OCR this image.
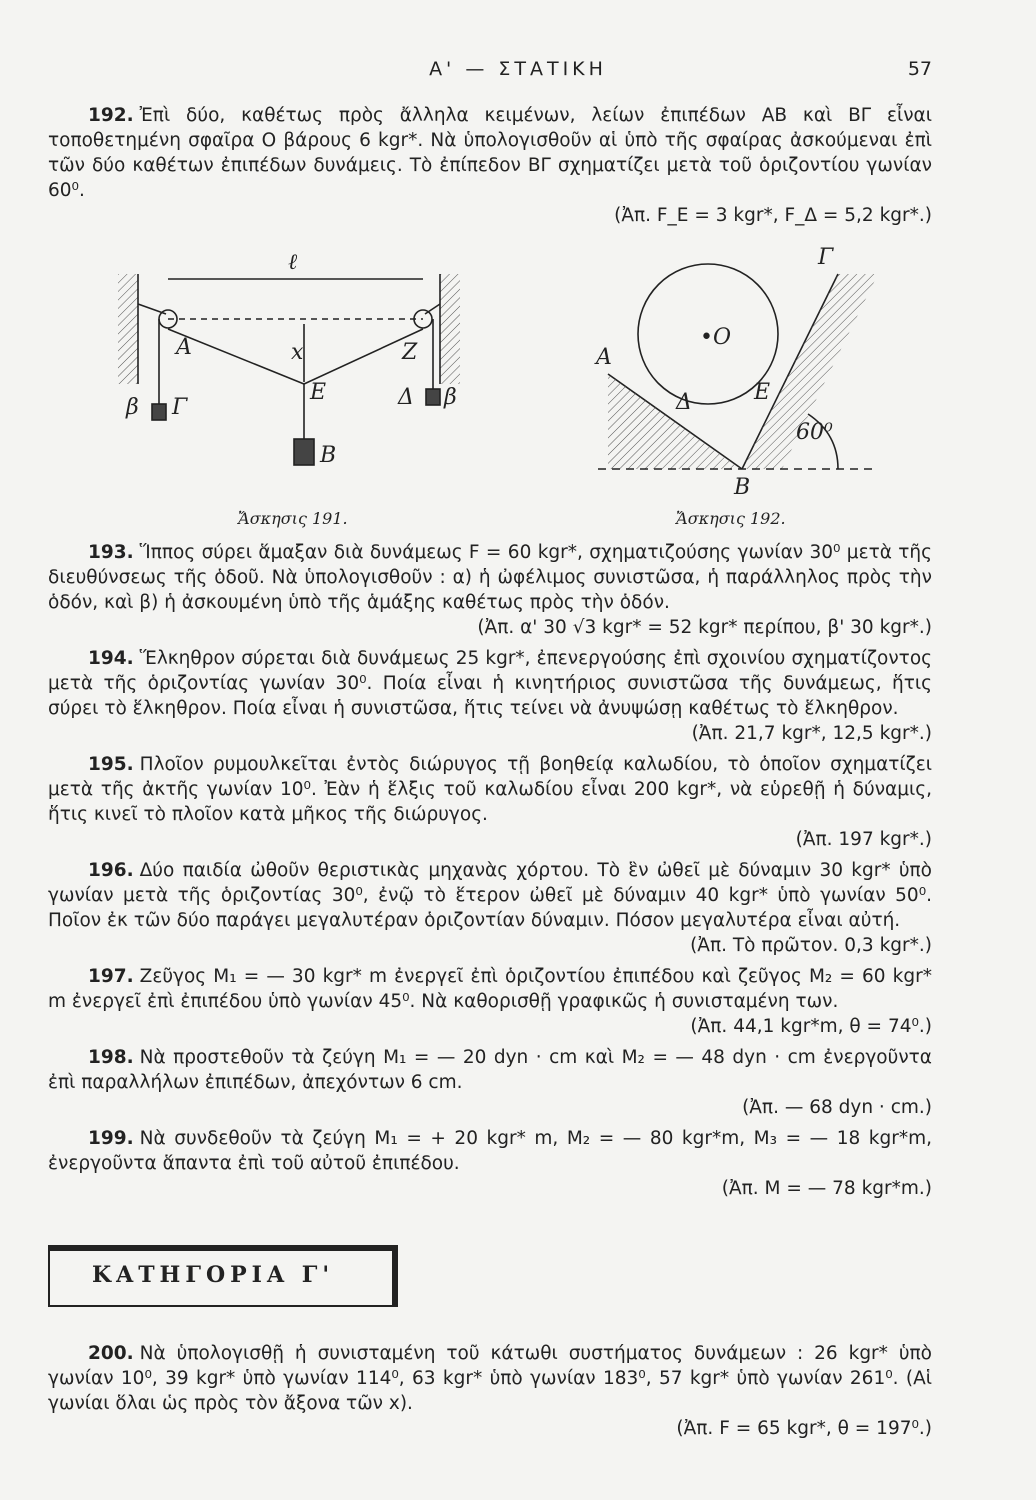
Α' — ΣΤΑΤΙΚΗ	57

192. Ἐπὶ δύο, καθέτως πρὸς ἄλληλα κειμένων, λείων ἐπιπέδων ΑΒ καὶ ΒΓ εἶναι τοποθετημένη σφαῖρα Ο βάρους 6 kgr*. Νὰ ὑπολογισθοῦν αἱ ὑπὸ τῆς σφαίρας ἀσκούμεναι ἐπὶ τῶν δύο καθέτων ἐπιπέδων δυνάμεις. Τὸ ἐπίπεδον ΒΓ σχηματίζει μετὰ τοῦ ὁριζοντίου γωνίαν 60⁰.
(Ἀπ. F_E = 3 kgr*, F_Δ = 5,2 kgr*.)

ℓ
A	x	Z
E
β Γ	Δ β
B
Γ
A
•O
Δ	E
60⁰
B
Ἄσκησις 191.	Ἄσκησις 192.

193. Ἵππος σύρει ἅμαξαν διὰ δυνάμεως F = 60 kgr*, σχηματιζούσης γωνίαν 30⁰ μετὰ τῆς διευθύνσεως τῆς ὁδοῦ. Νὰ ὑπολογισθοῦν : α) ἡ ὠφέλιμος συνιστῶσα, ἡ παράλληλος πρὸς τὴν ὁδόν, καὶ β) ἡ ἀσκουμένη ὑπὸ τῆς ἁμάξης καθέτως πρὸς τὴν ὁδόν.
(Ἀπ. α' 30 √3 kgr* = 52 kgr* περίπου, β' 30 kgr*.)

194. Ἕλκηθρον σύρεται διὰ δυνάμεως 25 kgr*, ἐπενεργούσης ἐπὶ σχοινίου σχηματίζοντος μετὰ τῆς ὁριζοντίας γωνίαν 30⁰. Ποία εἶναι ἡ κινητήριος συνιστῶσα τῆς δυνάμεως, ἥτις σύρει τὸ ἕλκηθρον. Ποία εἶναι ἡ συνιστῶσα, ἥτις τείνει νὰ ἀνυψώσῃ καθέτως τὸ ἕλκηθρον.
(Ἀπ. 21,7 kgr*, 12,5 kgr*.)

195. Πλοῖον ρυμουλκεῖται ἐντὸς διώρυγος τῇ βοηθείᾳ καλωδίου, τὸ ὁποῖον σχηματίζει μετὰ τῆς ἀκτῆς γωνίαν 10⁰. Ἐὰν ἡ ἕλξις τοῦ καλωδίου εἶναι 200 kgr*, νὰ εὑρεθῇ ἡ δύναμις, ἥτις κινεῖ τὸ πλοῖον κατὰ μῆκος τῆς διώρυγος.
(Ἀπ. 197 kgr*.)

196. Δύο παιδία ὠθοῦν θεριστικὰς μηχανὰς χόρτου. Τὸ ἓν ὠθεῖ μὲ δύναμιν 30 kgr* ὑπὸ γωνίαν μετὰ τῆς ὁριζοντίας 30⁰, ἐνῷ τὸ ἕτερον ὠθεῖ μὲ δύναμιν 40 kgr* ὑπὸ γωνίαν 50⁰. Ποῖον ἐκ τῶν δύο παράγει μεγαλυτέραν ὁριζοντίαν δύναμιν. Πόσον μεγαλυτέρα εἶναι αὐτή.
(Ἀπ. Τὸ πρῶτον. 0,3 kgr*.)

197. Ζεῦγος M₁ = — 30 kgr* m ἐνεργεῖ ἐπὶ ὁριζοντίου ἐπιπέδου καὶ ζεῦγος M₂ = 60 kgr* m ἐνεργεῖ ἐπὶ ἐπιπέδου ὑπὸ γωνίαν 45⁰. Νὰ καθορισθῇ γραφικῶς ἡ συνισταμένη των.
(Ἀπ. 44,1 kgr*m, θ = 74⁰.)

198. Νὰ προστεθοῦν τὰ ζεύγη M₁ = — 20 dyn · cm καὶ M₂ = — 48 dyn · cm ἐνεργοῦντα ἐπὶ παραλλήλων ἐπιπέδων, ἀπεχόντων 6 cm.
(Ἀπ. — 68 dyn · cm.)

199. Νὰ συνδεθοῦν τὰ ζεύγη M₁ = + 20 kgr* m, M₂ = — 80 kgr*m, M₃ = — 18 kgr*m, ἐνεργοῦντα ἅπαντα ἐπὶ τοῦ αὐτοῦ ἐπιπέδου.
(Ἀπ. M = — 78 kgr*m.)

ΚΑΤΗΓΟΡΙΑ Γ'

200. Νὰ ὑπολογισθῇ ἡ συνισταμένη τοῦ κάτωθι συστήματος δυνάμεων : 26 kgr* ὑπὸ γωνίαν 10⁰, 39 kgr* ὑπὸ γωνίαν 114⁰, 63 kgr* ὑπὸ γωνίαν 183⁰, 57 kgr* ὑπὸ γωνίαν 261⁰. (Αἱ γωνίαι ὅλαι ὡς πρὸς τὸν ἄξονα τῶν x).
(Ἀπ. F = 65 kgr*, θ = 197⁰.)
